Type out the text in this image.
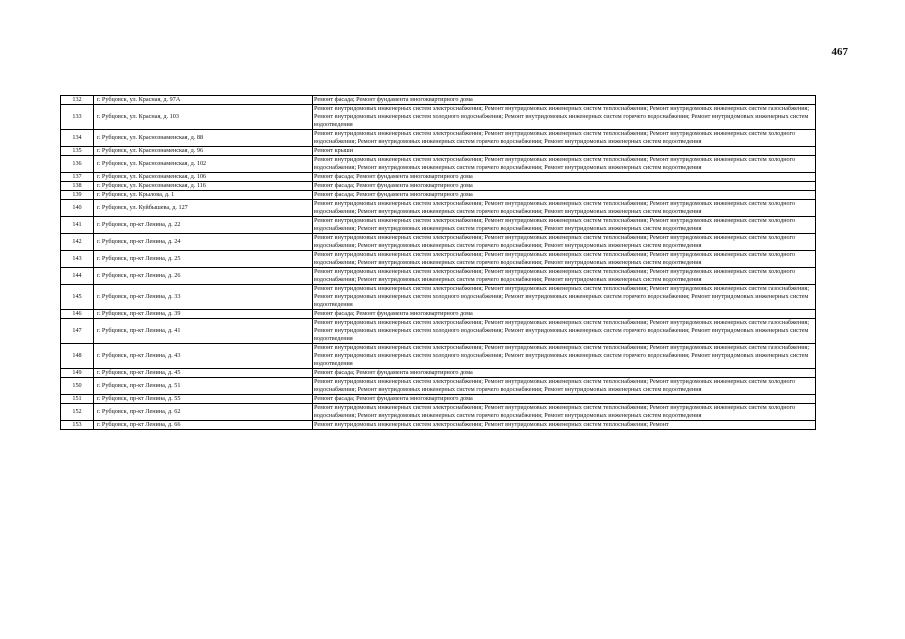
467
132	г. Рубцовск, ул. Красная, д. 97А	Ремонт фасада; Ремонт фундамента многоквартирного дома
133	г. Рубцовск, ул. Красная, д. 103	Ремонт внутридомовых инженерных систем электроснабжения; Ремонт внутридомовых инженерных систем теплоснабжения; Ремонт внутридомовых инженерных систем газоснабжения; Ремонт внутридомовых инженерных систем холодного водоснабжения; Ремонт внутридомовых инженерных систем горячего водоснабжения; Ремонт внутридомовых инженерных систем водоотведения
134	г. Рубцовск, ул. Краснознаменская, д. 88	Ремонт внутридомовых инженерных систем электроснабжения; Ремонт внутридомовых инженерных систем теплоснабжения; Ремонт внутридомовых инженерных систем холодного водоснабжения; Ремонт внутридомовых инженерных систем горячего водоснабжения; Ремонт внутридомовых инженерных систем водоотведения
135	г. Рубцовск, ул. Краснознаменская, д. 96	Ремонт крыши
136	г. Рубцовск, ул. Краснознаменская, д. 102	Ремонт внутридомовых инженерных систем электроснабжения; Ремонт внутридомовых инженерных систем теплоснабжения; Ремонт внутридомовых инженерных систем холодного водоснабжения; Ремонт внутридомовых инженерных систем горячего водоснабжения; Ремонт внутридомовых инженерных систем водоотведения
137	г. Рубцовск, ул. Краснознаменская, д. 106	Ремонт фасада; Ремонт фундамента многоквартирного дома
138	г. Рубцовск, ул. Краснознаменская, д. 116	Ремонт фасада; Ремонт фундамента многоквартирного дома
139	г. Рубцовск, ул. Крылова, д. 1	Ремонт фасада; Ремонт фундамента многоквартирного дома
140	г. Рубцовск, ул. Куйбышева, д. 127	Ремонт внутридомовых инженерных систем электроснабжения; Ремонт внутридомовых инженерных систем теплоснабжения; Ремонт внутридомовых инженерных систем холодного водоснабжения; Ремонт внутридомовых инженерных систем горячего водоснабжения; Ремонт внутридомовых инженерных систем водоотведения
141	г. Рубцовск, пр-кт Ленина, д. 22	Ремонт внутридомовых инженерных систем электроснабжения; Ремонт внутридомовых инженерных систем теплоснабжения; Ремонт внутридомовых инженерных систем холодного водоснабжения; Ремонт внутридомовых инженерных систем горячего водоснабжения; Ремонт внутридомовых инженерных систем водоотведения
142	г. Рубцовск, пр-кт Ленина, д. 24	Ремонт внутридомовых инженерных систем электроснабжения; Ремонт внутридомовых инженерных систем теплоснабжения; Ремонт внутридомовых инженерных систем холодного водоснабжения; Ремонт внутридомовых инженерных систем горячего водоснабжения; Ремонт внутридомовых инженерных систем водоотведения
143	г. Рубцовск, пр-кт Ленина, д. 25	Ремонт внутридомовых инженерных систем электроснабжения; Ремонт внутридомовых инженерных систем теплоснабжения; Ремонт внутридомовых инженерных систем холодного водоснабжения; Ремонт внутридомовых инженерных систем горячего водоснабжения; Ремонт внутридомовых инженерных систем водоотведения
144	г. Рубцовск, пр-кт Ленина, д. 26	Ремонт внутридомовых инженерных систем электроснабжения; Ремонт внутридомовых инженерных систем теплоснабжения; Ремонт внутридомовых инженерных систем холодного водоснабжения; Ремонт внутридомовых инженерных систем горячего водоснабжения; Ремонт внутридомовых инженерных систем водоотведения
145	г. Рубцовск, пр-кт Ленина, д. 33	Ремонт внутридомовых инженерных систем электроснабжения; Ремонт внутридомовых инженерных систем теплоснабжения; Ремонт внутридомовых инженерных систем газоснабжения; Ремонт внутридомовых инженерных систем холодного водоснабжения; Ремонт внутридомовых инженерных систем горячего водоснабжения; Ремонт внутридомовых инженерных систем водоотведения
146	г. Рубцовск, пр-кт Ленина, д. 39	Ремонт фасада; Ремонт фундамента многоквартирного дома
147	г. Рубцовск, пр-кт Ленина, д. 41	Ремонт внутридомовых инженерных систем электроснабжения; Ремонт внутридомовых инженерных систем теплоснабжения; Ремонт внутридомовых инженерных систем газоснабжения; Ремонт внутридомовых инженерных систем холодного водоснабжения; Ремонт внутридомовых инженерных систем горячего водоснабжения; Ремонт внутридомовых инженерных систем водоотведения
148	г. Рубцовск, пр-кт Ленина, д. 43	Ремонт внутридомовых инженерных систем электроснабжения; Ремонт внутридомовых инженерных систем теплоснабжения; Ремонт внутридомовых инженерных систем газоснабжения; Ремонт внутридомовых инженерных систем холодного водоснабжения; Ремонт внутридомовых инженерных систем горячего водоснабжения; Ремонт внутридомовых инженерных систем водоотведения
149	г. Рубцовск, пр-кт Ленина, д. 45	Ремонт фасада; Ремонт фундамента многоквартирного дома
150	г. Рубцовск, пр-кт Ленина, д. 51	Ремонт внутридомовых инженерных систем электроснабжения; Ремонт внутридомовых инженерных систем теплоснабжения; Ремонт внутридомовых инженерных систем холодного водоснабжения; Ремонт внутридомовых инженерных систем горячего водоснабжения; Ремонт внутридомовых инженерных систем водоотведения
151	г. Рубцовск, пр-кт Ленина, д. 55	Ремонт фасада; Ремонт фундамента многоквартирного дома
152	г. Рубцовск, пр-кт Ленина, д. 62	Ремонт внутридомовых инженерных систем электроснабжения; Ремонт внутридомовых инженерных систем теплоснабжения; Ремонт внутридомовых инженерных систем холодного водоснабжения; Ремонт внутридомовых инженерных систем горячего водоснабжения; Ремонт внутридомовых инженерных систем водоотведения
153	г. Рубцовск, пр-кт Ленина, д. 66	Ремонт внутридомовых инженерных систем электроснабжения; Ремонт внутридомовых инженерных систем теплоснабжения; Ремонт
